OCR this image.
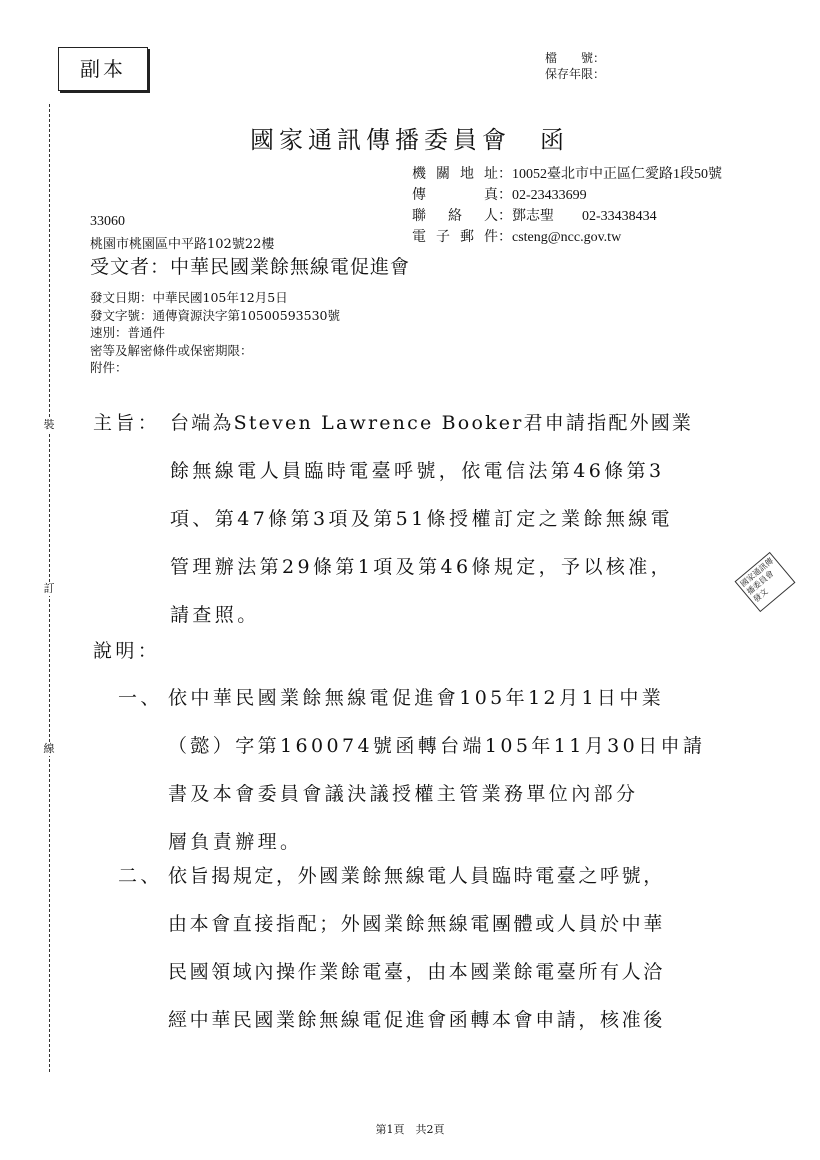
副本	檔　　號：
保存年限：
裝
訂
線
國家通訊傳播委員會　函
機關地址：10052臺北市中正區仁愛路1段50號
傳真：02-23433699
聯絡人：鄧志聖　　02-33438434
電子郵件：csteng@ncc.gov.tw
33060
桃園市桃園區中平路102號22樓
受文者：中華民國業餘無線電促進會
發文日期：中華民國105年12月5日
發文字號：通傳資源決字第10500593530號
速別：普通件
密等及解密條件或保密期限：
附件：
主旨： 台端為Steven Lawrence Booker君申請指配外國業
餘無線電人員臨時電臺呼號，依電信法第46條第3
項、第47條第3項及第51條授權訂定之業餘無線電
管理辦法第29條第1項及第46條規定，予以核准，
請查照。
國家通訊傳播委員會 發文
說明：
一、 依中華民國業餘無線電促進會105年12月1日中業
（懿）字第160074號函轉台端105年11月30日申請
書及本會委員會議決議授權主管業務單位內部分
層負責辦理。
二、 依旨揭規定，外國業餘無線電人員臨時電臺之呼號，
由本會直接指配；外國業餘無線電團體或人員於中華
民國領域內操作業餘電臺，由本國業餘電臺所有人洽
經中華民國業餘無線電促進會函轉本會申請，核准後
第1頁　共2頁
